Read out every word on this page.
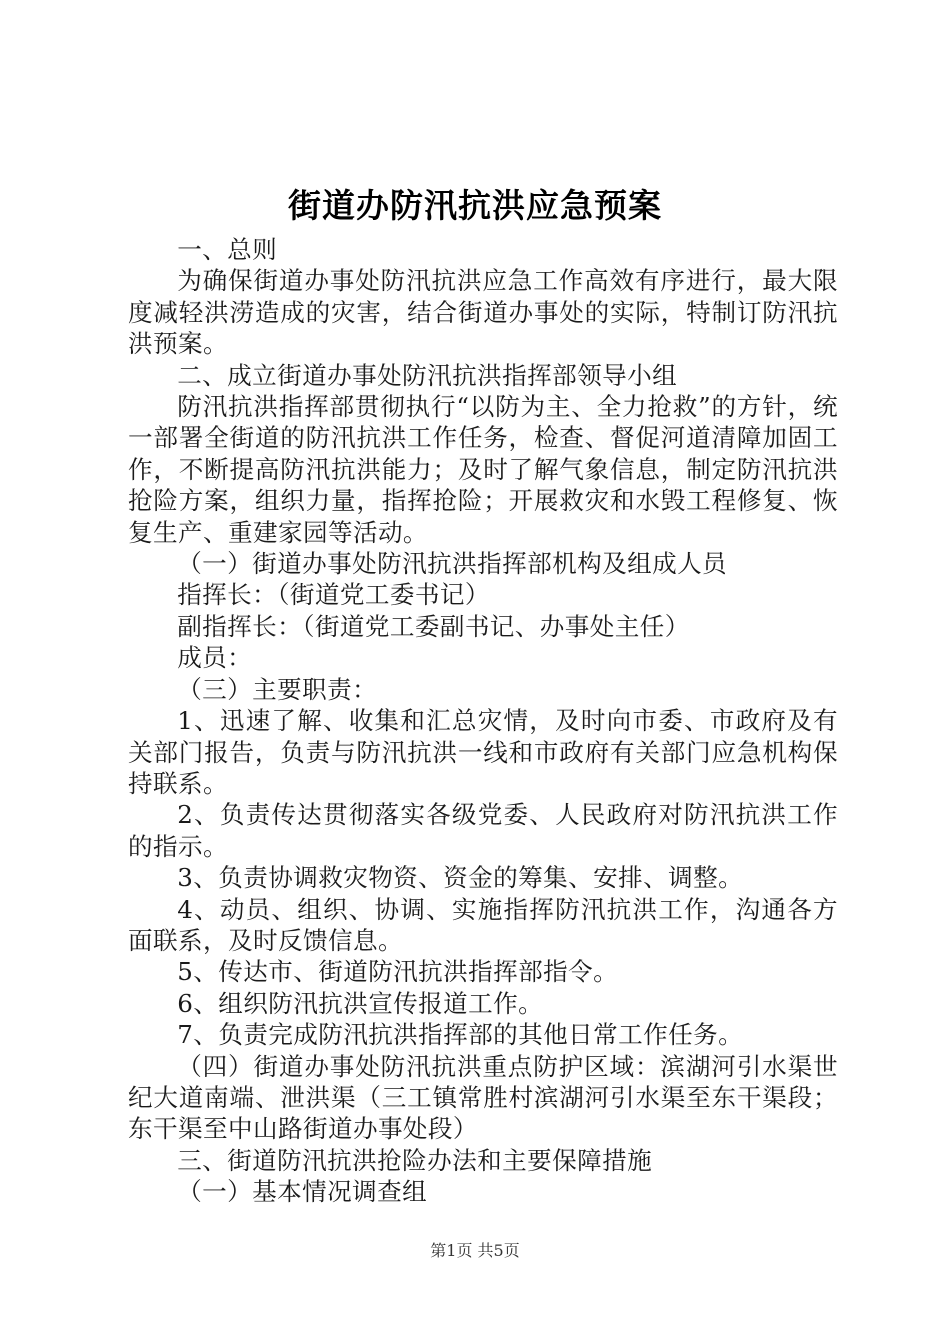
街道办防汛抗洪应急预案

一、总则

为确保街道办事处防汛抗洪应急工作高效有序进行，最大限度减轻洪涝造成的灾害，结合街道办事处的实际，特制订防汛抗洪预案。

二、成立街道办事处防汛抗洪指挥部领导小组

防汛抗洪指挥部贯彻执行“以防为主、全力抢救”的方针，统一部署全街道的防汛抗洪工作任务，检查、督促河道清障加固工作，不断提高防汛抗洪能力；及时了解气象信息，制定防汛抗洪抢险方案，组织力量，指挥抢险；开展救灾和水毁工程修复、恢复生产、重建家园等活动。

（一）街道办事处防汛抗洪指挥部机构及组成人员

指挥长：（街道党工委书记）

副指挥长：（街道党工委副书记、办事处主任）

成员：

（三）主要职责：

1、迅速了解、收集和汇总灾情，及时向市委、市政府及有关部门报告，负责与防汛抗洪一线和市政府有关部门应急机构保持联系。

2、负责传达贯彻落实各级党委、人民政府对防汛抗洪工作的指示。

3、负责协调救灾物资、资金的筹集、安排、调整。

4、动员、组织、协调、实施指挥防汛抗洪工作，沟通各方面联系，及时反馈信息。

5、传达市、街道防汛抗洪指挥部指令。

6、组织防汛抗洪宣传报道工作。

7、负责完成防汛抗洪指挥部的其他日常工作任务。

（四）街道办事处防汛抗洪重点防护区域：滨湖河引水渠世纪大道南端、泄洪渠（三工镇常胜村滨湖河引水渠至东干渠段；东干渠至中山路街道办事处段）

三、街道防汛抗洪抢险办法和主要保障措施

（一）基本情况调查组

第1页 共5页
